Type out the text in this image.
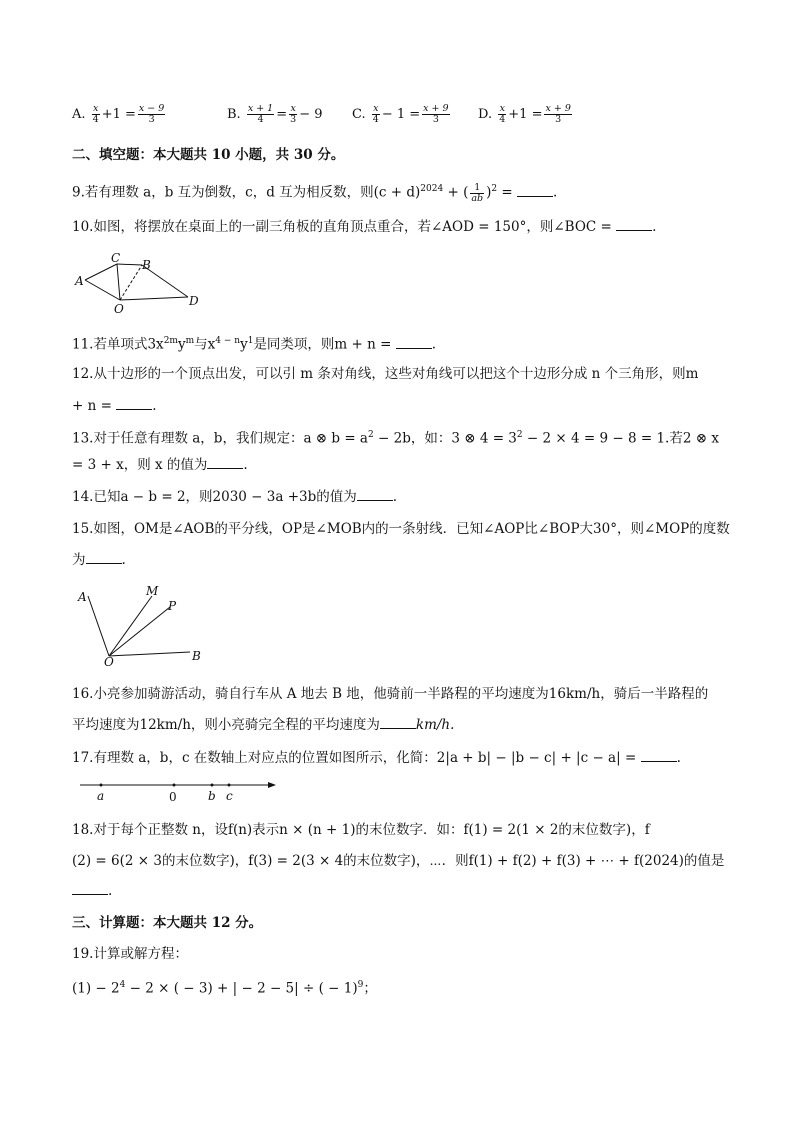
A. $\frac{x}{4} +1 = \frac{x - 9}{3}$	B. $\frac{x + 1}{4} = \frac{x}{3} - 9$ C. $\frac{x}{4} - 1 = \frac{x + 9}{3} D$. $\frac{x}{4} +1 = \frac{x + 9}{3}$
二、填空题：本大题共 10 小题，共 30 分。
9.若有理数 a，b 互为倒数，c，d 互为相反数，则$(c + d)^{2024}$ + ( $\frac{1}{ab} )^2$ =	.
10.如图，将摆放在桌面上的一副三角板的直角顶点重合，若∠AOD = 150°，则∠BOC =	.
A
C B
O
D
11.若单项式$3x^{2m}y^m$与$x^{4 - n}y^1$是同类项，则m + n =	.
12.从十边形的一个顶点出发，可以引 m 条对角线，这些对角线可以把这个十边形分成 n 个三角形，则m
+ n =	.
13.对于任意有理数 a，b，我们规定：a ⊗ $b = a^2 - 2b$，如：3 ⊗ $4 = 3^2 - 2 \times 4 = 9 - 8 = 1$.若2 ⊗ x
= 3 + x，则 x 的值为	.
14.已知a − b = 2，则2030 − 3a +3b的值为	.
15.如图，OM是∠AOB的平分线，OP是∠MOB内的一条射线．已知∠AOP比∠BOP大30°，则∠MOP的度数
为	.
A	M
P
O	B
16.小亮参加骑游活动，骑自行车从 A 地去 B 地，他骑前一半路程的平均速度为16km/h，骑后一半路程的
平均速度为12km/h，则小亮骑完全程的平均速度为	km/h.
17.有理数 a，b，c 在数轴上对应点的位置如图所示，化简：2|a + b| − |b − c| + |c − a| =	.
a	0	b c
18.对于每个正整数 n，设f(n)表示n × (n + 1)的末位数字．如：f(1) = 2(1 × 2的末位数字)，f
(2) = 6(2 × 3的末位数字)，f(3) = 2(3 × 4的末位数字)，⋯．则f(1) + f(2) + f(3) + ⋯ + f(2024)的值是
.
三、计算题：本大题共 12 分。
19.计算或解方程：
$(1) - 2^4 - 2$ × ( − 3) + | − 2 − 5| ÷ ( − 1)$^9$；
